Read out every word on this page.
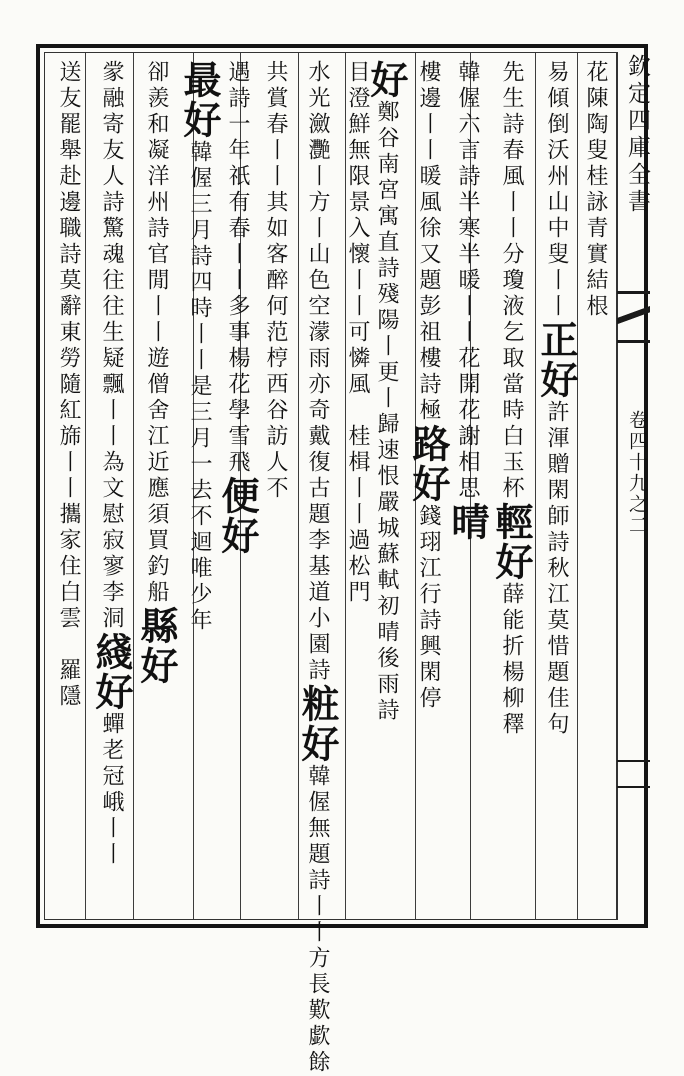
欽定四庫全書
卷四十九之二
花陳陶叟桂詠青實結根
易傾倒沃州山中叟丨丨正好許渾贈閑師詩秋江莫惜題佳句
先生詩春風丨丨分瓊液乞取當時白玉杯輕好薛能折楊柳䆁
韓偓六言詩半寒半暖丨丨花開花謝相思晴
樓邊丨丨暖風徐又題彭祖樓詩極路好錢珝江行詩興閑停
好鄭谷南宮寓直詩殘陽丨更丨歸速恨嚴城蘇軾初晴後雨詩
目澄鮮無限景入懷丨丨可憐風　桂楫丨丨過松門
水光瀲灧丨方丨山色空濛雨亦奇戴復古題李基道小園詩粧好韓偓無題詩丨丨方長歎歔餘
共賞春丨丨其如客醉何范梈西谷訪人不
遇詩一年祇有春丨丨多事楊花學雪飛便好
最好韓偓三月詩四時丨丨是三月一去不迴唯少年
卻羨和凝洋州詩官閒丨丨遊僧舍江近應須買釣船縣好
䝉融寄友人詩驚魂往往生疑飄丨丨為文慰寂寥李洞綫好蟬老冠峨丨丨
送友罷舉赴邊職詩莫辭東勞隨紅旆丨丨攜家住白雲　羅隱
